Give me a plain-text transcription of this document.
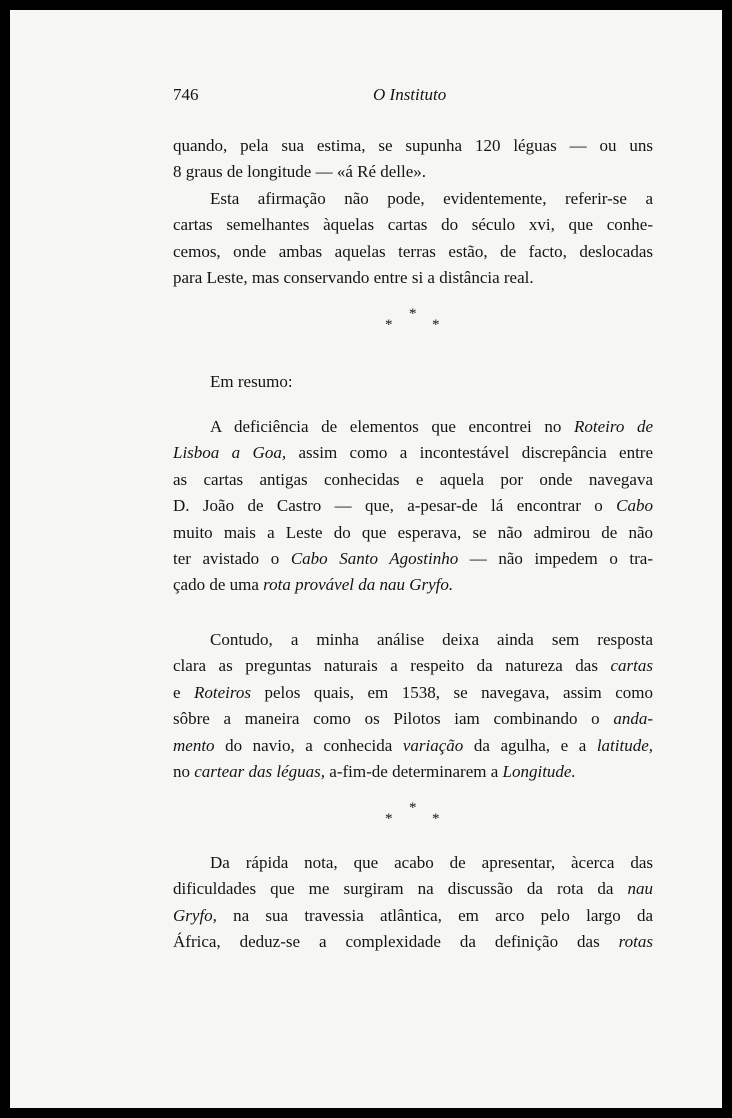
746	O Instituto
quando, pela sua estima, se supunha 120 léguas — ou uns
8 graus de longitude — «á Ré delle».
Esta afirmação não pode, evidentemente, referir-se a
cartas semelhantes àquelas cartas do século xvi, que conhe-
cemos, onde ambas aquelas terras estão, de facto, deslocadas
para Leste, mas conservando entre si a distância real.
*
*	*
Em resumo:
A deficiência de elementos que encontrei no Roteiro de
Lisboa a Goa, assim como a incontestável discrepância entre
as cartas antigas conhecidas e aquela por onde navegava
D. João de Castro — que, a-pesar-de lá encontrar o Cabo
muito mais a Leste do que esperava, se não admirou de não
ter avistado o Cabo Santo Agostinho — não impedem o tra-
çado de uma rota provável da nau Gryfo.
Contudo, a minha análise deixa ainda sem resposta
clara as preguntas naturais a respeito da natureza das cartas
e Roteiros pelos quais, em 1538, se navegava, assim como
sôbre a maneira como os Pilotos iam combinando o anda-
mento do navio, a conhecida variação da agulha, e a latitude,
no cartear das léguas, a-fim-de determinarem a Longitude.
*
*	*
Da rápida nota, que acabo de apresentar, àcerca das
dificuldades que me surgiram na discussão da rota da nau
Gryfo, na sua travessia atlântica, em arco pelo largo da
África, deduz-se a complexidade da definição das rotas
